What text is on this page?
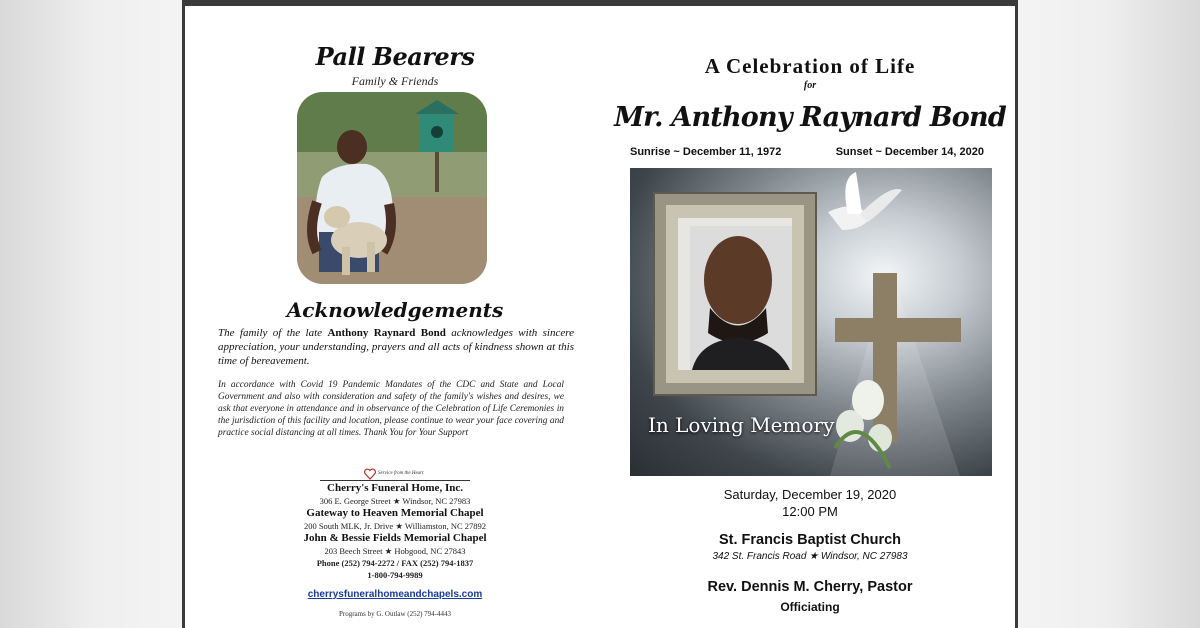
Pall Bearers
Family & Friends
Acknowledgements
The family of the late Anthony Raynard Bond acknowledges with sincere appreciation, your understanding, prayers and all acts of kindness shown at this time of bereavement.
In accordance with Covid 19 Pandemic Mandates of the CDC and State and Local Government and also with consideration and safety of the family's wishes and desires, we ask that everyone in attendance and in observance of the Celebration of Life Ceremonies in the jurisdiction of this facility and location, please continue to wear your face covering and practice social distancing at all times. Thank You for Your Support
Service from the Heart
Cherry's Funeral Home, Inc.
306 E. George Street ★ Windsor, NC 27983
Gateway to Heaven Memorial Chapel
200 South MLK, Jr. Drive ★ Williamston, NC 27892
John & Bessie Fields Memorial Chapel
203 Beech Street ★ Hobgood, NC 27843
Phone (252) 794-2272 / FAX (252) 794-1837
1-800-794-9989
cherrysfuneralhomeandchapels.com
Programs by G. Outlaw (252) 794-4443
A Celebration of Life
for
Mr. Anthony Raynard Bond
Sunrise ~ December 11, 1972	Sunset ~ December 14, 2020
In Loving Memory
Saturday, December 19, 2020
12:00 PM
St. Francis Baptist Church
342 St. Francis Road ★ Windsor, NC 27983
Rev. Dennis M. Cherry, Pastor
Officiating
